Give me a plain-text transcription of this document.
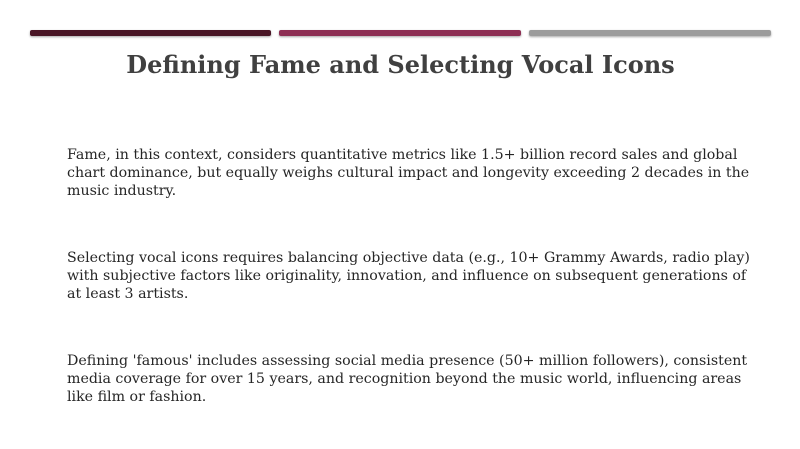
Defining Fame and Selecting Vocal Icons

Fame, in this context, considers quantitative metrics like 1.5+ billion record sales and global chart dominance, but equally weighs cultural impact and longevity exceeding 2 decades in the music industry.

Selecting vocal icons requires balancing objective data (e.g., 10+ Grammy Awards, radio play) with subjective factors like originality, innovation, and influence on subsequent generations of at least 3 artists.

Defining 'famous' includes assessing social media presence (50+ million followers), consistent media coverage for over 15 years, and recognition beyond the music world, influencing areas like film or fashion.
